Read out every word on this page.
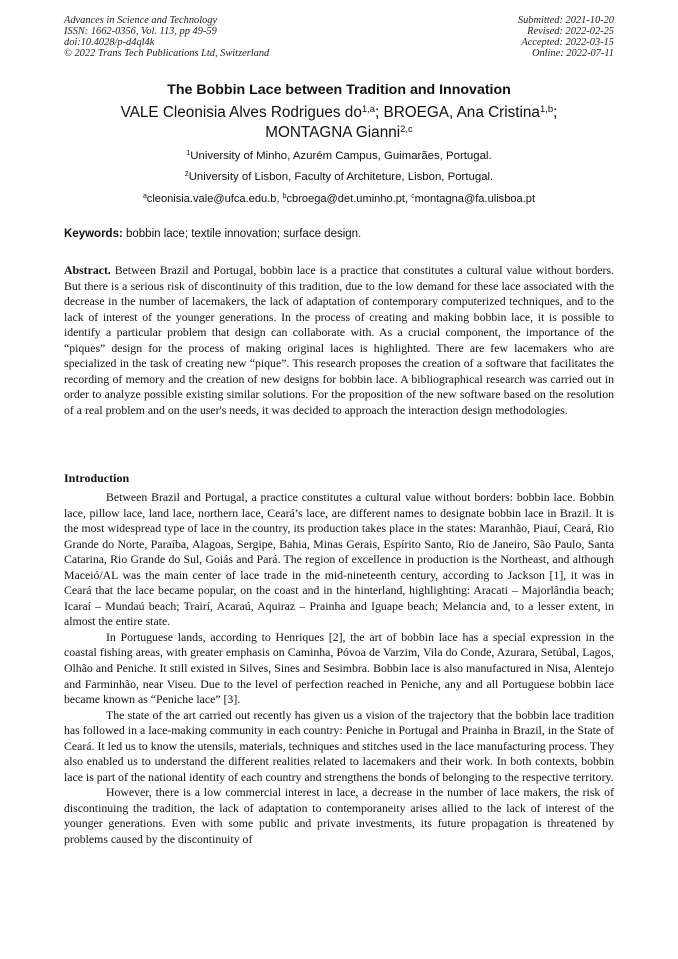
Advances in Science and Technology
ISSN: 1662-0356, Vol. 113, pp 49-59
doi:10.4028/p-d4ql4k
© 2022 Trans Tech Publications Ltd, Switzerland
Submitted: 2021-10-20
Revised: 2022-02-25
Accepted: 2022-03-15
Online: 2022-07-11
The Bobbin Lace between Tradition and Innovation
VALE Cleonisia Alves Rodrigues do$^{1,a}$; BROEGA, Ana Cristina$^{1,b}$;
MONTAGNA Gianni$^{2,c}$
$^1$University of Minho, Azurém Campus, Guimarães, Portugal.
$^2$University of Lisbon, Faculty of Architeture, Lisbon, Portugal.
$^a$cleonisia.vale@ufca.edu.b, $^b$cbroega@det.uminho.pt, $^c$montagna@fa.ulisboa.pt
Keywords: bobbin lace; textile innovation; surface design.
Abstract. Between Brazil and Portugal, bobbin lace is a practice that constitutes a cultural value without borders. But there is a serious risk of discontinuity of this tradition, due to the low demand for these lace associated with the decrease in the number of lacemakers, the lack of adaptation of contemporary computerized techniques, and to the lack of interest of the younger generations. In the process of creating and making bobbin lace, it is possible to identify a particular problem that design can collaborate with. As a crucial component, the importance of the “piques” design for the process of making original laces is highlighted. There are few lacemakers who are specialized in the task of creating new “pique”. This research proposes the creation of a software that facilitates the recording of memory and the creation of new designs for bobbin lace. A bibliographical research was carried out in order to analyze possible existing similar solutions. For the proposition of the new software based on the resolution of a real problem and on the user's needs, it was decided to approach the interaction design methodologies.
Introduction

Between Brazil and Portugal, a practice constitutes a cultural value without borders: bobbin lace. Bobbin lace, pillow lace, land lace, northern lace, Ceará’s lace, are different names to designate bobbin lace in Brazil. It is the most widespread type of lace in the country, its production takes place in the states: Maranhão, Piauí, Ceará, Rio Grande do Norte, Paraíba, Alagoas, Sergipe, Bahia, Minas Gerais, Espírito Santo, Rio de Janeiro, São Paulo, Santa Catarina, Rio Grande do Sul, Goiás and Pará. The region of excellence in production is the Northeast, and although Maceió/AL was the main center of lace trade in the mid-nineteenth century, according to Jackson [1], it was in Ceará that the lace became popular, on the coast and in the hinterland, highlighting: Aracati – Majorlândia beach; Icaraí – Mundaú beach; Trairí, Acaraú, Aquiraz – Prainha and Iguape beach; Melancia and, to a lesser extent, in almost the entire state.

In Portuguese lands, according to Henriques [2], the art of bobbin lace has a special expression in the coastal fishing areas, with greater emphasis on Caminha, Póvoa de Varzim, Vila do Conde, Azurara, Setúbal, Lagos, Olhão and Peniche. It still existed in Silves, Sines and Sesimbra. Bobbin lace is also manufactured in Nisa, Alentejo and Farminhão, near Viseu. Due to the level of perfection reached in Peniche, any and all Portuguese bobbin lace became known as “Peniche lace” [3].

The state of the art carried out recently has given us a vision of the trajectory that the bobbin lace tradition has followed in a lace-making community in each country: Peniche in Portugal and Prainha in Brazil, in the State of Ceará. It led us to know the utensils, materials, techniques and stitches used in the lace manufacturing process. They also enabled us to understand the different realities related to lacemakers and their work. In both contexts, bobbin lace is part of the national identity of each country and strengthens the bonds of belonging to the respective territory.

However, there is a low commercial interest in lace, a decrease in the number of lace makers, the risk of discontinuing the tradition, the lack of adaptation to contemporaneity arises allied to the lack of interest of the younger generations. Even with some public and private investments, its future propagation is threatened by problems caused by the discontinuity of
